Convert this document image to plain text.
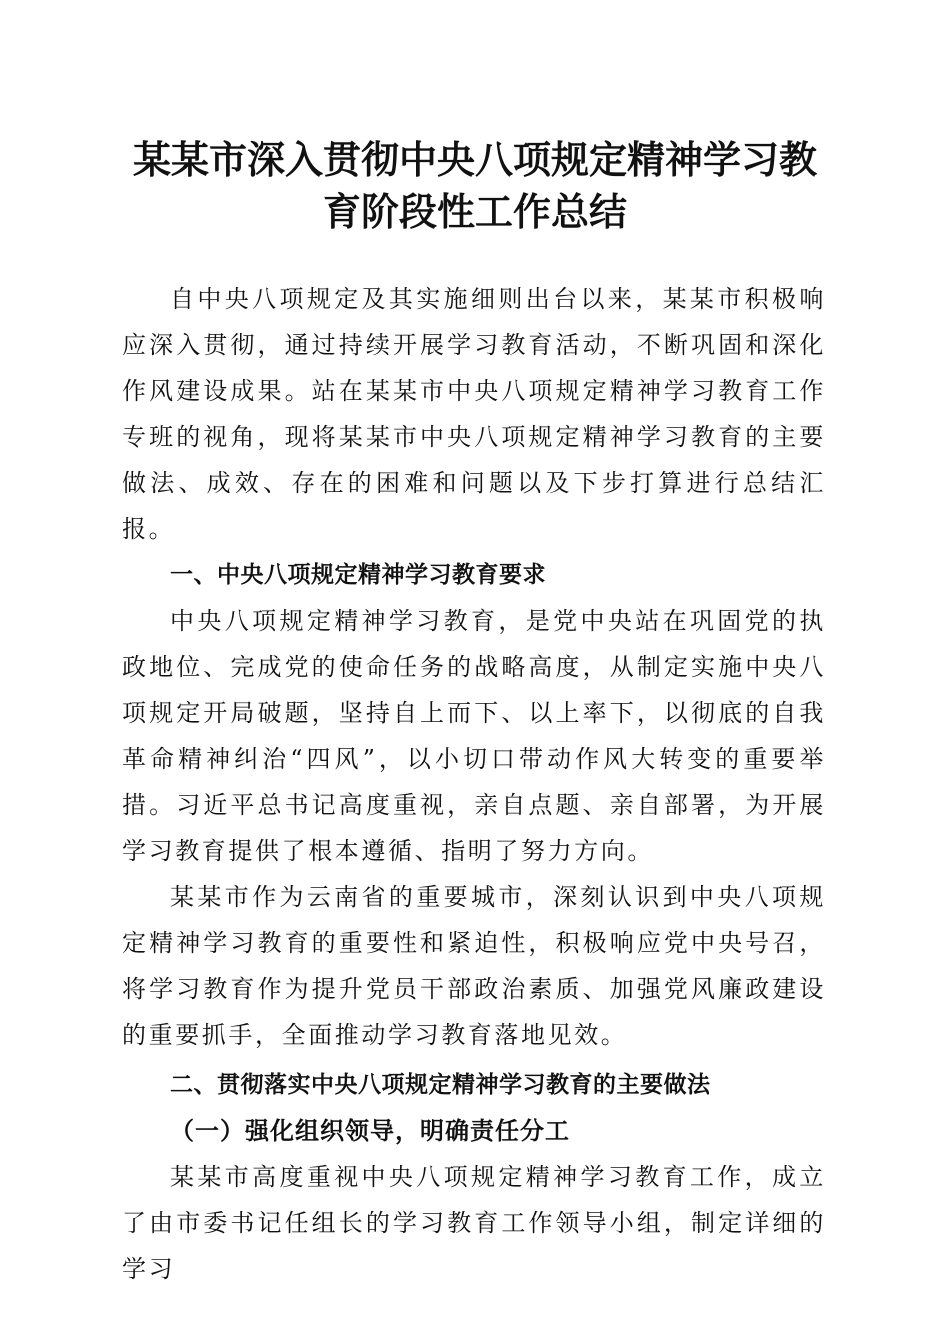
某某市深入贯彻中央八项规定精神学习教育阶段性工作总结

自中央八项规定及其实施细则出台以来，某某市积极响应深入贯彻，通过持续开展学习教育活动，不断巩固和深化作风建设成果。站在某某市中央八项规定精神学习教育工作专班的视角，现将某某市中央八项规定精神学习教育的主要做法、成效、存在的困难和问题以及下步打算进行总结汇报。

一、中央八项规定精神学习教育要求

中央八项规定精神学习教育，是党中央站在巩固党的执政地位、完成党的使命任务的战略高度，从制定实施中央八项规定开局破题，坚持自上而下、以上率下，以彻底的自我革命精神纠治“四风”，以小切口带动作风大转变的重要举措。习近平总书记高度重视，亲自点题、亲自部署，为开展学习教育提供了根本遵循、指明了努力方向。

某某市作为云南省的重要城市，深刻认识到中央八项规定精神学习教育的重要性和紧迫性，积极响应党中央号召，将学习教育作为提升党员干部政治素质、加强党风廉政建设的重要抓手，全面推动学习教育落地见效。

二、贯彻落实中央八项规定精神学习教育的主要做法

（一）强化组织领导，明确责任分工

某某市高度重视中央八项规定精神学习教育工作，成立了由市委书记任组长的学习教育工作领导小组，制定详细的学习
